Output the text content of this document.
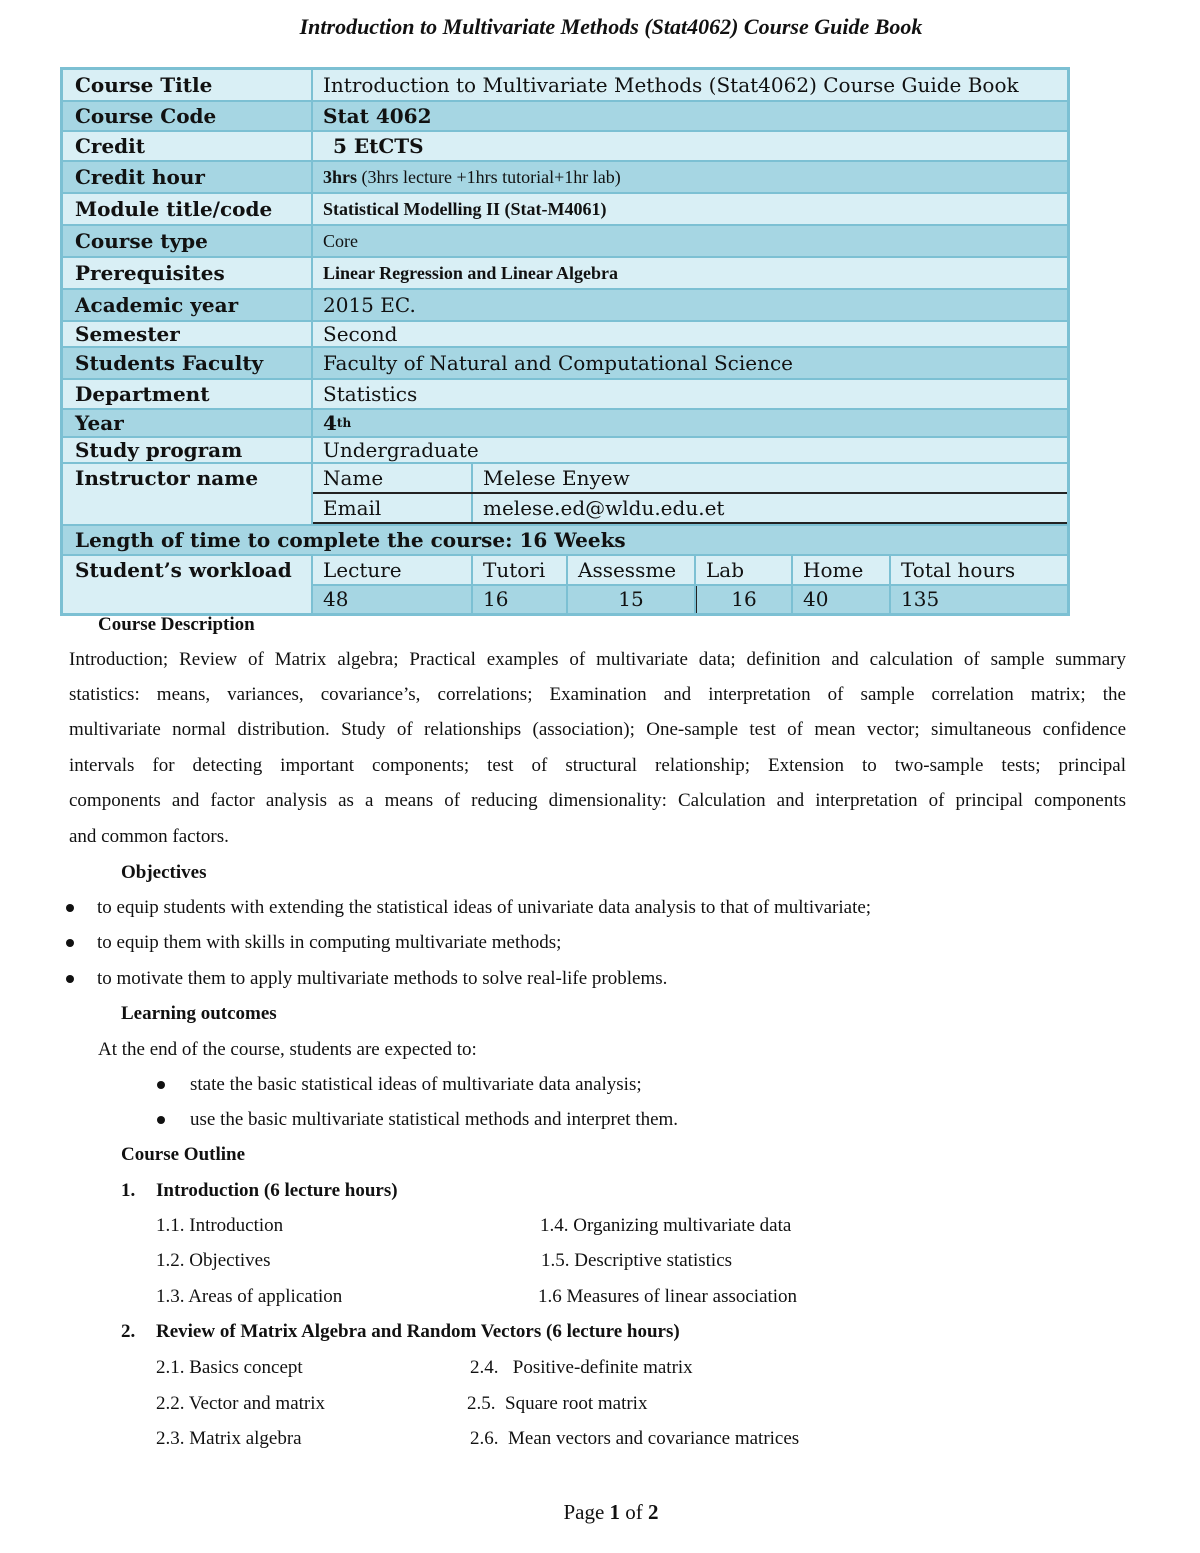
Introduction to Multivariate Methods (Stat4062) Course Guide Book
Course Title	Introduction to Multivariate Methods (Stat4062) Course Guide Book
Course Code	Stat 4062
Credit	5 EtCTS
Credit hour	3hrs
(3hrs lecture +1hrs tutorial+1hr lab)
Module title/code	Statistical Modelling II (Stat-M4061)
Course type	Core
Prerequisites	Linear Regression and Linear Algebra
Academic year	2015 EC.
Semester	Second
Students Faculty	Faculty of Natural and Computational Science
Department	Statistics
Year	4 th
Study program	Undergraduate
Instructor name	Name	Melese Enyew
Email	melese.ed@wldu.edu.et
Length of time to complete the course: 16 Weeks
Student’s workload	Lecture	Tutori	Assessme	Lab	Home	Total hours
48	16	15	16	40	135
Course Description
Introduction; Review of Matrix algebra; Practical examples of multivariate data; definition and calculation of sample summary
statistics: means, variances, covariance’s, correlations; Examination and interpretation of sample correlation matrix; the
multivariate normal distribution. Study of relationships (association); One-sample test of mean vector; simultaneous confidence
intervals for detecting important components; test of structural relationship; Extension to two-sample tests; principal
components and factor analysis as a means of reducing dimensionality: Calculation and interpretation of principal components
and common factors.
Objectives
to equip students with extending the statistical ideas of univariate data analysis to that of multivariate;
to equip them with skills in computing multivariate methods;
to motivate them to apply multivariate methods to solve real-life problems.
Learning outcomes
At the end of the course, students are expected to:
state the basic statistical ideas of multivariate data analysis;
use the basic multivariate statistical methods and interpret them.
Course Outline
1. Introduction (6 lecture hours)
1.1. Introduction	1.4. Organizing multivariate data
1.2. Objectives	1.5. Descriptive statistics
1.3. Areas of application	1.6 Measures of linear association
2. Review of Matrix Algebra and Random Vectors (6 lecture hours)
2.1. Basics concept	2.4.   Positive-definite matrix
2.2. Vector and matrix	2.5.  Square root matrix
2.3. Matrix algebra	2.6.  Mean vectors and covariance matrices
Page 1 of 2
